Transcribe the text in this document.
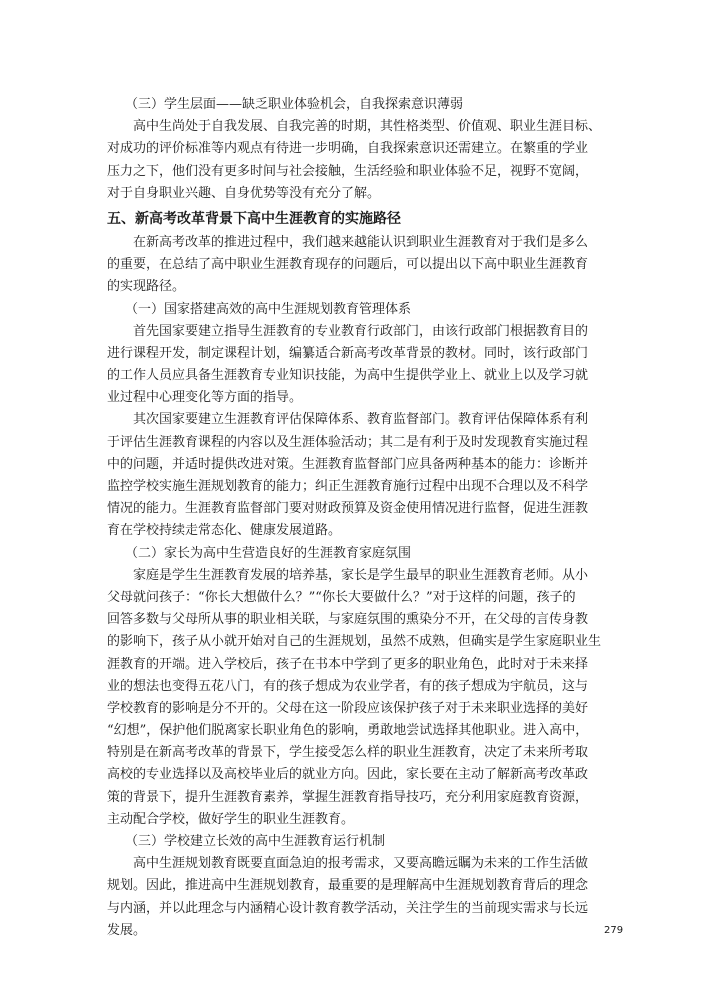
（三）学生层面——缺乏职业体验机会，自我探索意识薄弱
　　高中生尚处于自我发展、自我完善的时期，其性格类型、价值观、职业生涯目标、
对成功的评价标准等内观点有待进一步明确，自我探索意识还需建立。在繁重的学业
压力之下，他们没有更多时间与社会接触，生活经验和职业体验不足，视野不宽阔，
对于自身职业兴趣、自身优势等没有充分了解。
五、新高考改革背景下高中生涯教育的实施路径
　　在新高考改革的推进过程中，我们越来越能认识到职业生涯教育对于我们是多么
的重要，在总结了高中职业生涯教育现存的问题后，可以提出以下高中职业生涯教育
的实现路径。
（一）国家搭建高效的高中生涯规划教育管理体系
　　首先国家要建立指导生涯教育的专业教育行政部门，由该行政部门根据教育目的
进行课程开发，制定课程计划，编纂适合新高考改革背景的教材。同时，该行政部门
的工作人员应具备生涯教育专业知识技能，为高中生提供学业上、就业上以及学习就
业过程中心理变化等方面的指导。
　　其次国家要建立生涯教育评估保障体系、教育监督部门。教育评估保障体系有利
于评估生涯教育课程的内容以及生涯体验活动；其二是有利于及时发现教育实施过程
中的问题，并适时提供改进对策。生涯教育监督部门应具备两种基本的能力：诊断并
监控学校实施生涯规划教育的能力；纠正生涯教育施行过程中出现不合理以及不科学
情况的能力。生涯教育监督部门要对财政预算及资金使用情况进行监督，促进生涯教
育在学校持续走常态化、健康发展道路。
（二）家长为高中生营造良好的生涯教育家庭氛围
　　家庭是学生生涯教育发展的培养基，家长是学生最早的职业生涯教育老师。从小
父母就问孩子：“你长大想做什么？”“你长大要做什么？”对于这样的问题，孩子的
回答多数与父母所从事的职业相关联，与家庭氛围的熏染分不开，在父母的言传身教
的影响下，孩子从小就开始对自己的生涯规划，虽然不成熟，但确实是学生家庭职业生
涯教育的开端。进入学校后，孩子在书本中学到了更多的职业角色，此时对于未来择
业的想法也变得五花八门，有的孩子想成为农业学者，有的孩子想成为宇航员，这与
学校教育的影响是分不开的。父母在这一阶段应该保护孩子对于未来职业选择的美好
“幻想”，保护他们脱离家长职业角色的影响，勇敢地尝试选择其他职业。进入高中，
特别是在新高考改革的背景下，学生接受怎么样的职业生涯教育，决定了未来所考取
高校的专业选择以及高校毕业后的就业方向。因此，家长要在主动了解新高考改革政
策的背景下，提升生涯教育素养，掌握生涯教育指导技巧，充分利用家庭教育资源，
主动配合学校，做好学生的职业生涯教育。
（三）学校建立长效的高中生涯教育运行机制
　　高中生涯规划教育既要直面急迫的报考需求，又要高瞻远瞩为未来的工作生活做
规划。因此，推进高中生涯规划教育，最重要的是理解高中生涯规划教育背后的理念
与内涵，并以此理念与内涵精心设计教育教学活动，关注学生的当前现实需求与长远
发展。	279
